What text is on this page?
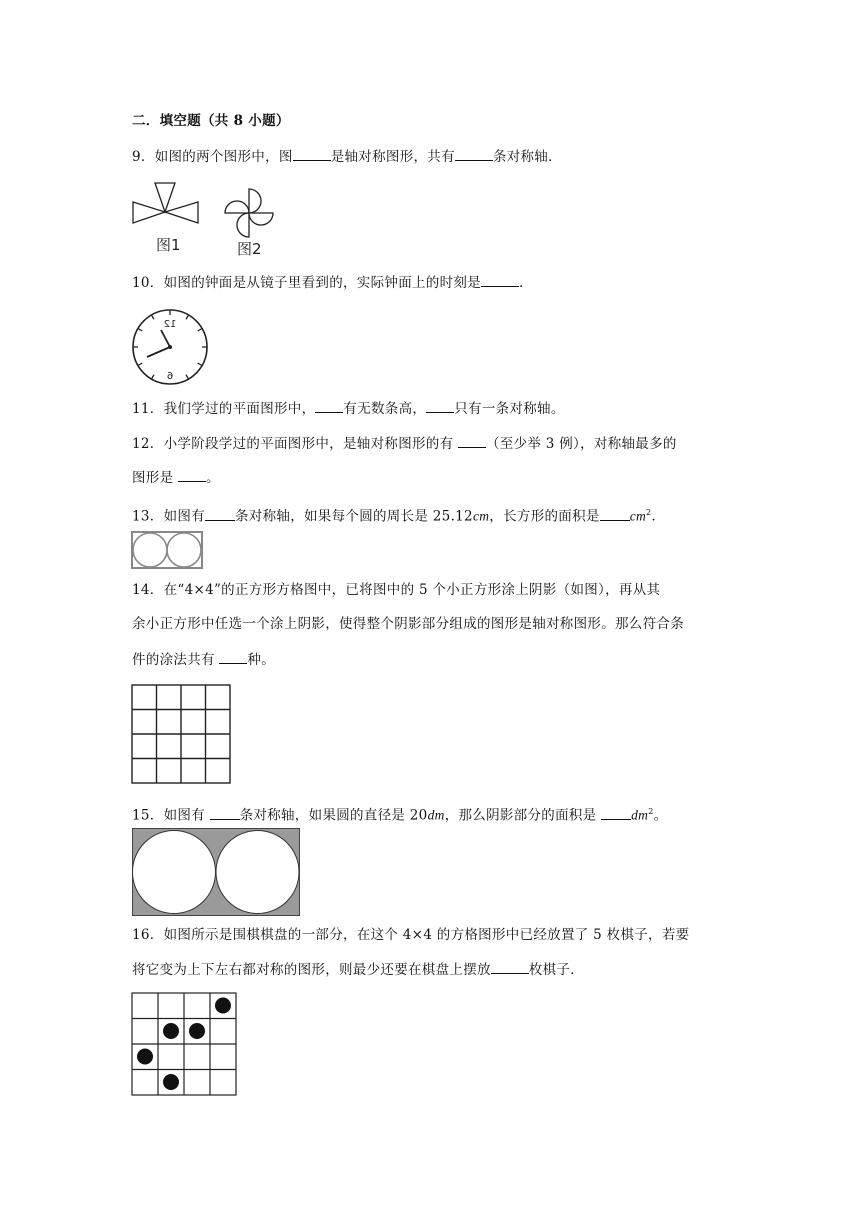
二．填空题（共 8 小题）
9．如图的两个图形中，图	是轴对称图形，共有	条对称轴．
图1	图2
10．如图的钟面是从镜子里看到的，实际钟面上的时刻是	．
12
6
11．我们学过的平面图形中， 有无数条高， 只有一条对称轴。
12．小学阶段学过的平面图形中，是轴对称图形的有 （至少举 3 例），对称轴最多的
图形是 。
13．如图有 条对称轴，如果每个圆的周长是 25.12cm，长方形的面积是 $cm^2$．
14．在“4×4”的正方形方格图中，已将图中的 5 个小正方形涂上阴影（如图），再从其
余小正方形中任选一个涂上阴影，使得整个阴影部分组成的图形是轴对称图形。那么符合条
件的涂法共有 种。
15．如图有 条对称轴，如果圆的直径是 20dm，那么阴影部分的面积是 $dm^2$。
16．如图所示是围棋棋盘的一部分，在这个 4×4 的方格图形中已经放置了 5 枚棋子，若要
将它变为上下左右都对称的图形，则最少还要在棋盘上摆放	枚棋子．
